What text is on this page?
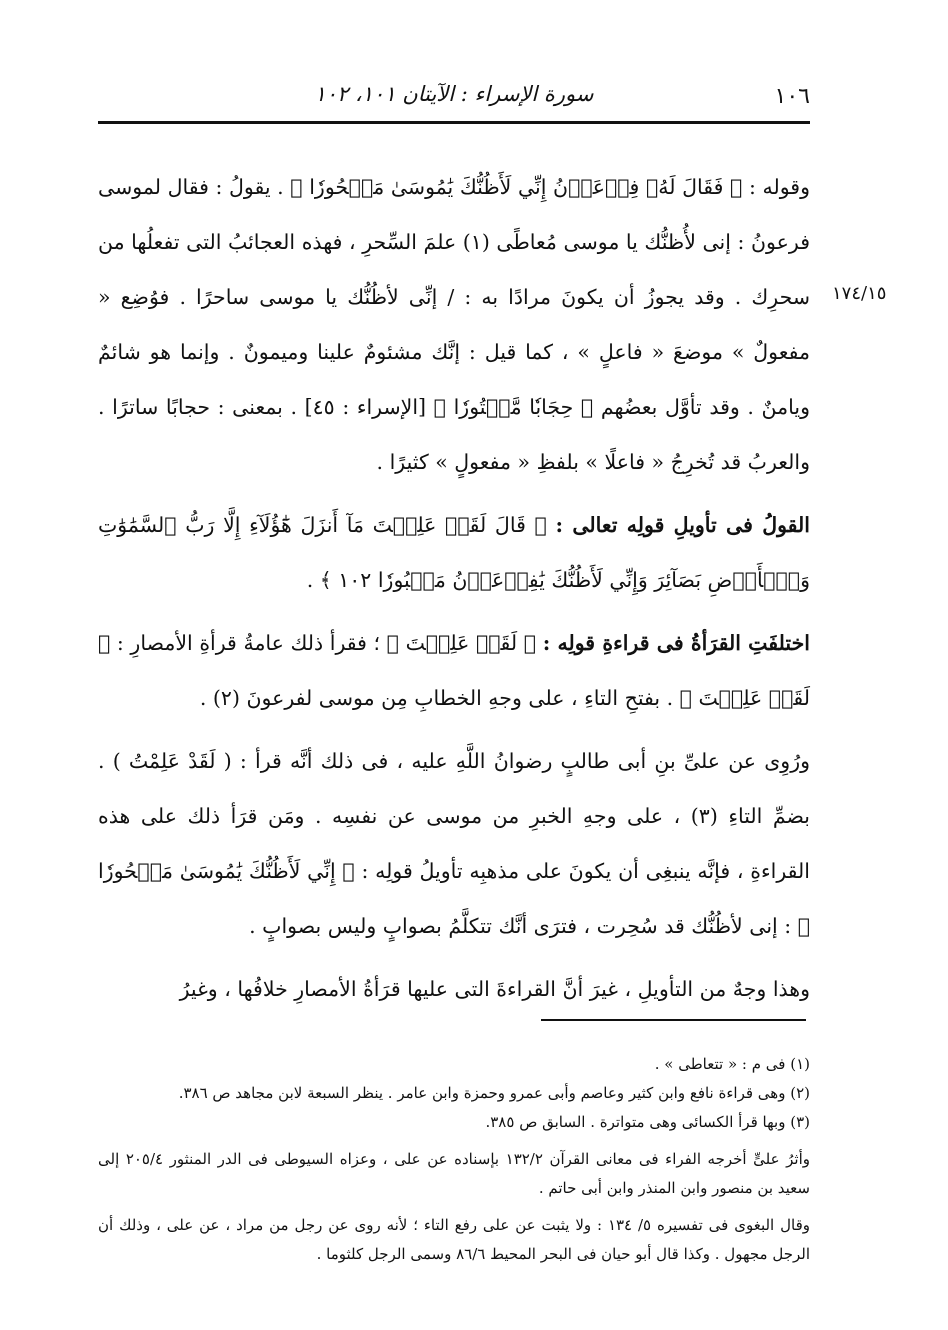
١٠٦
سورة الإسراء : الآيتان ١٠١، ١٠٢
١٧٤/١٥

وقوله : ﴿ فَقَالَ لَهُۥ فِرۡعَوۡنُ إِنِّي لَأَظُنُّكَ يَٰمُوسَىٰ مَسۡحُورٗا ﴾ . يقولُ : فقال لموسى فرعونُ : إنى لأُظنُّك يا موسى مُعاطًى (١) علمَ السِّحرِ ، فهذه العجائبُ التى تفعلُها من سحرِك . وقد يجوزُ أن يكونَ مرادًا به : / إنِّى لأظُنُّك يا موسى ساحرًا . فوُضِع « مفعولٌ » موضعَ « فاعلٍ » ، كما قيل : إنَّك مشئومٌ علينا وميمونٌ . وإنما هو شائمٌ ويامنٌ . وقد تأوَّل بعضُهم ﴿ حِجَابٗا مَّسۡتُورٗا ﴾ [الإسراء : ٤٥] . بمعنى : حجابًا ساترًا . والعربُ قد تُخرِجُ « فاعلًا » بلفظِ « مفعولٍ » كثيرًا .

القولُ فى تأويلِ قولِه تعالى : ﴿ قَالَ لَقَدۡ عَلِمۡتَ مَآ أَنزَلَ هَٰٓؤُلَآءِ إِلَّا رَبُّ ٱلسَّمَٰوَٰتِ وَٱلۡأَرۡضِ بَصَآئِرَ وَإِنِّي لَأَظُنُّكَ يَٰفِرۡعَوۡنُ مَثۡبُورٗا ١٠٢ ﴾ .

اختلفَتِ القرَأةُ فى قراءةِ قولِه : ﴿ لَقَدۡ عَلِمۡتَ ﴾ ؛ فقرأ ذلك عامةُ قرأةِ الأمصارِ : ﴿ لَقَدۡ عَلِمۡتَ ﴾ . بفتحِ التاءِ ، على وجهِ الخطابِ مِن موسى لفرعونَ (٢) .

ورُوِى عن علىِّ بنِ أبى طالبٍ رضوانُ اللَّهِ عليه ، فى ذلك أنَّه قرأ : ( لَقَدْ عَلِمْتُ ) . بضمِّ التاءِ (٣) ، على وجهِ الخبرِ من موسى عن نفسِه . ومَن قرَأ ذلك على هذه القراءةِ ، فإنَّه ينبغِى أن يكونَ على مذهبِه تأويلُ قولِه : ﴿ إِنِّي لَأَظُنُّكَ يَٰمُوسَىٰ مَسۡحُورٗا ﴾ : إنى لأظُنُّك قد سُحِرت ، فترَى أنَّك تتكلَّمُ بصوابٍ وليس بصوابٍ .

وهذا وجهٌ من التأويلِ ، غيرَ أنَّ القراءةَ التى عليها قرَأةُ الأمصارِ خلافُها ، وغيرُ

(١) فى م : « تتعاطى » .

(٢) وهى قراءة نافع وابن كثير وعاصم وأبى عمرو وحمزة وابن عامر . ينظر السبعة لابن مجاهد ص ٣٨٦.

(٣) وبها قرأ الكسائى وهى متواترة . السابق ص ٣٨٥.

وأثرُ علىٍّ أخرجه الفراء فى معانى القرآن ١٣٢/٢ بإسناده عن على ، وعزاه السيوطى فى الدر المنثور ٢٠٥/٤ إلى سعيد بن منصور وابن المنذر وابن أبى حاتم .

وقال البغوى فى تفسيره ٥/ ١٣٤ : ولا يثبت عن على رفع التاء ؛ لأنه روى عن رجل من مراد ، عن على ، وذلك أن الرجل مجهول . وكذا قال أبو حيان فى البحر المحيط ٨٦/٦ وسمى الرجل كلثوما .
